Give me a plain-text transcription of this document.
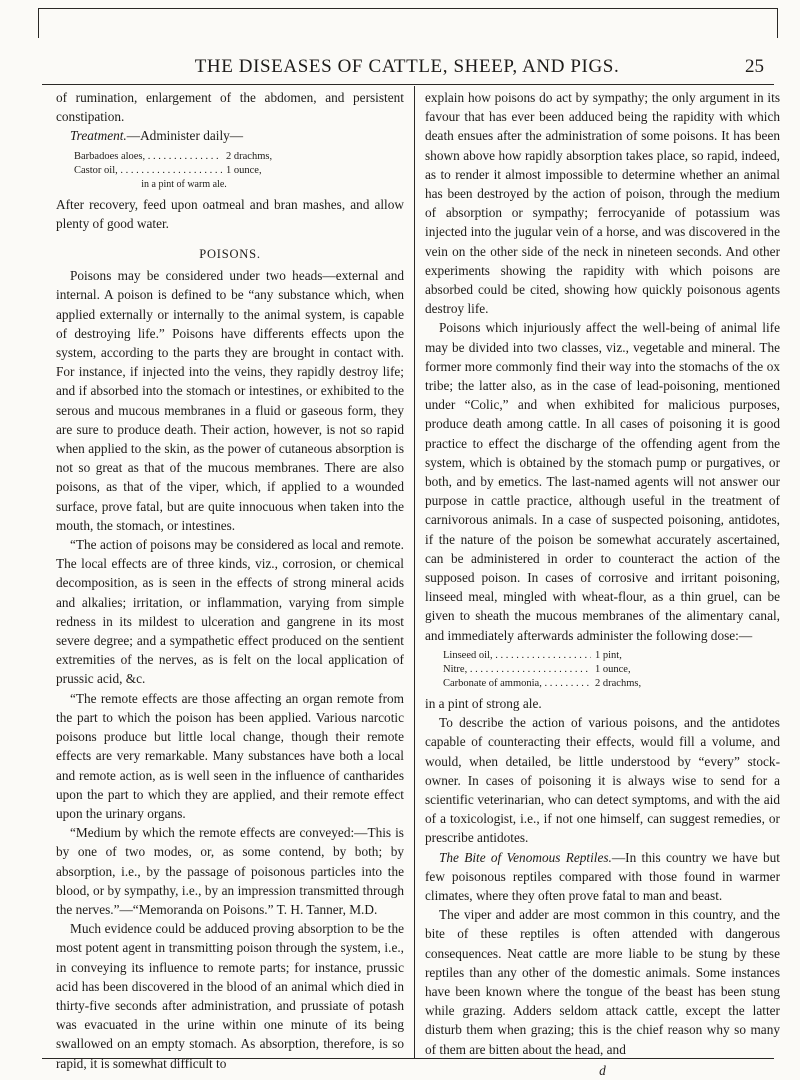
THE DISEASES OF CATTLE, SHEEP, AND PIGS.	25

of rumination, enlargement of the abdomen, and persistent constipation.

Treatment.—Administer daily—

Barbadoes aloes, . . .	2 drachms,
Castor oil, . . .	1 ounce,
in a pint of warm ale.

After recovery, feed upon oatmeal and bran mashes, and allow plenty of good water.

POISONS.

Poisons may be considered under two heads—external and internal. A poison is defined to be “any substance which, when applied externally or internally to the animal system, is capable of destroying life.” Poisons have differents effects upon the system, according to the parts they are brought in contact with. For instance, if injected into the veins, they rapidly destroy life; and if absorbed into the stomach or intestines, or exhibited to the serous and mucous membranes in a fluid or gaseous form, they are sure to produce death. Their action, however, is not so rapid when applied to the skin, as the power of cutaneous absorption is not so great as that of the mucous membranes. There are also poisons, as that of the viper, which, if applied to a wounded surface, prove fatal, but are quite innocuous when taken into the mouth, the stomach, or intestines.

“The action of poisons may be considered as local and remote. The local effects are of three kinds, viz., corrosion, or chemical decomposition, as is seen in the effects of strong mineral acids and alkalies; irritation, or inflammation, varying from simple redness in its mildest to ulceration and gangrene in its most severe degree; and a sympathetic effect produced on the sentient extremities of the nerves, as is felt on the local application of prussic acid, &c.

“The remote effects are those affecting an organ remote from the part to which the poison has been applied. Various narcotic poisons produce but little local change, though their remote effects are very remarkable. Many substances have both a local and remote action, as is well seen in the influence of cantharides upon the part to which they are applied, and their remote effect upon the urinary organs.

“Medium by which the remote effects are conveyed:—This is by one of two modes, or, as some contend, by both; by absorption, i.e., by the passage of poisonous particles into the blood, or by sympathy, i.e., by an impression transmitted through the nerves.”—“Memoranda on Poisons.” T. H. Tanner, M.D.

Much evidence could be adduced proving absorption to be the most potent agent in transmitting poison through the system, i.e., in conveying its influence to remote parts; for instance, prussic acid has been discovered in the blood of an animal which died in thirty-five seconds after administration, and prussiate of potash was evacuated in the urine within one minute of its being swallowed on an empty stomach. As absorption, therefore, is so rapid, it is somewhat difficult to

explain how poisons do act by sympathy; the only argument in its favour that has ever been adduced being the rapidity with which death ensues after the administration of some poisons. It has been shown above how rapidly absorption takes place, so rapid, indeed, as to render it almost impossible to determine whether an animal has been destroyed by the action of poison, through the medium of absorption or sympathy; ferrocyanide of potassium was injected into the jugular vein of a horse, and was discovered in the vein on the other side of the neck in nineteen seconds. And other experiments showing the rapidity with which poisons are absorbed could be cited, showing how quickly poisonous agents destroy life.

Poisons which injuriously affect the well-being of animal life may be divided into two classes, viz., vegetable and mineral. The former more commonly find their way into the stomachs of the ox tribe; the latter also, as in the case of lead-poisoning, mentioned under “Colic,” and when exhibited for malicious purposes, produce death among cattle. In all cases of poisoning it is good practice to effect the discharge of the offending agent from the system, which is obtained by the stomach pump or purgatives, or both, and by emetics. The last-named agents will not answer our purpose in cattle practice, although useful in the treatment of carnivorous animals. In a case of suspected poisoning, antidotes, if the nature of the poison be somewhat accurately ascertained, can be administered in order to counteract the action of the supposed poison. In cases of corrosive and irritant poisoning, linseed meal, mingled with wheat-flour, as a thin gruel, can be given to sheath the mucous membranes of the alimentary canal, and immediately afterwards administer the following dose:—

Linseed oil, . . .	1 pint,
Nitre, . . .	1 ounce,
Carbonate of ammonia, . . .	2 drachms,

in a pint of strong ale.

To describe the action of various poisons, and the antidotes capable of counteracting their effects, would fill a volume, and would, when detailed, be little understood by “every” stock-owner. In cases of poisoning it is always wise to send for a scientific veterinarian, who can detect symptoms, and with the aid of a toxicologist, i.e., if not one himself, can suggest remedies, or prescribe antidotes.

The Bite of Venomous Reptiles.—In this country we have but few poisonous reptiles compared with those found in warmer climates, where they often prove fatal to man and beast.

The viper and adder are most common in this country, and the bite of these reptiles is often attended with dangerous consequences. Neat cattle are more liable to be stung by these reptiles than any other of the domestic animals. Some instances have been known where the tongue of the beast has been stung while grazing. Adders seldom attack cattle, except the latter disturb them when grazing; this is the chief reason why so many of them are bitten about the head, and

d
